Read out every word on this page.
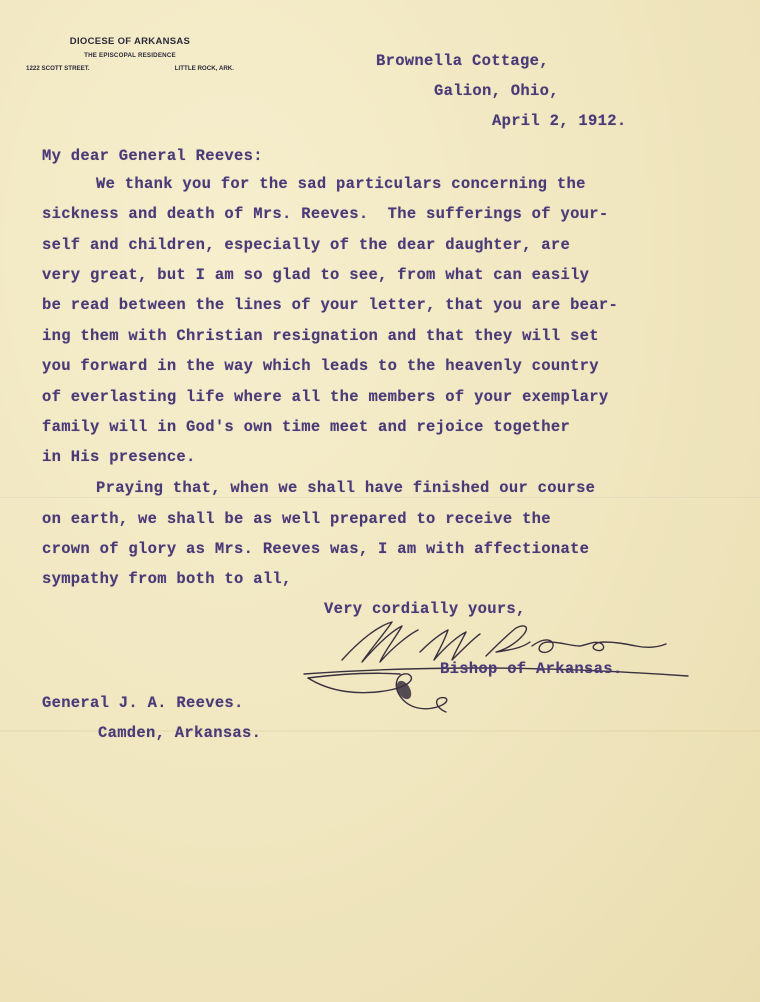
DIOCESE OF ARKANSAS
THE EPISCOPAL RESIDENCE
1222 SCOTT STREET.	LITTLE ROCK, ARK.	Brownella Cottage,
Galion, Ohio,
April 2, 1912.
My dear General Reeves:
We thank you for the sad particulars concerning the
sickness and death of Mrs. Reeves.  The sufferings of your-
self and children, especially of the dear daughter, are
very great, but I am so glad to see, from what can easily
be read between the lines of your letter, that you are bear-
ing them with Christian resignation and that they will set
you forward in the way which leads to the heavenly country
of everlasting life where all the members of your exemplary
family will in God's own time meet and rejoice together
in His presence.
Praying that, when we shall have finished our course
on earth, we shall be as well prepared to receive the
crown of glory as Mrs. Reeves was, I am with affectionate
sympathy from both to all,
Very cordially yours,
Bishop of Arkansas.
General J. A. Reeves.
Camden, Arkansas.
